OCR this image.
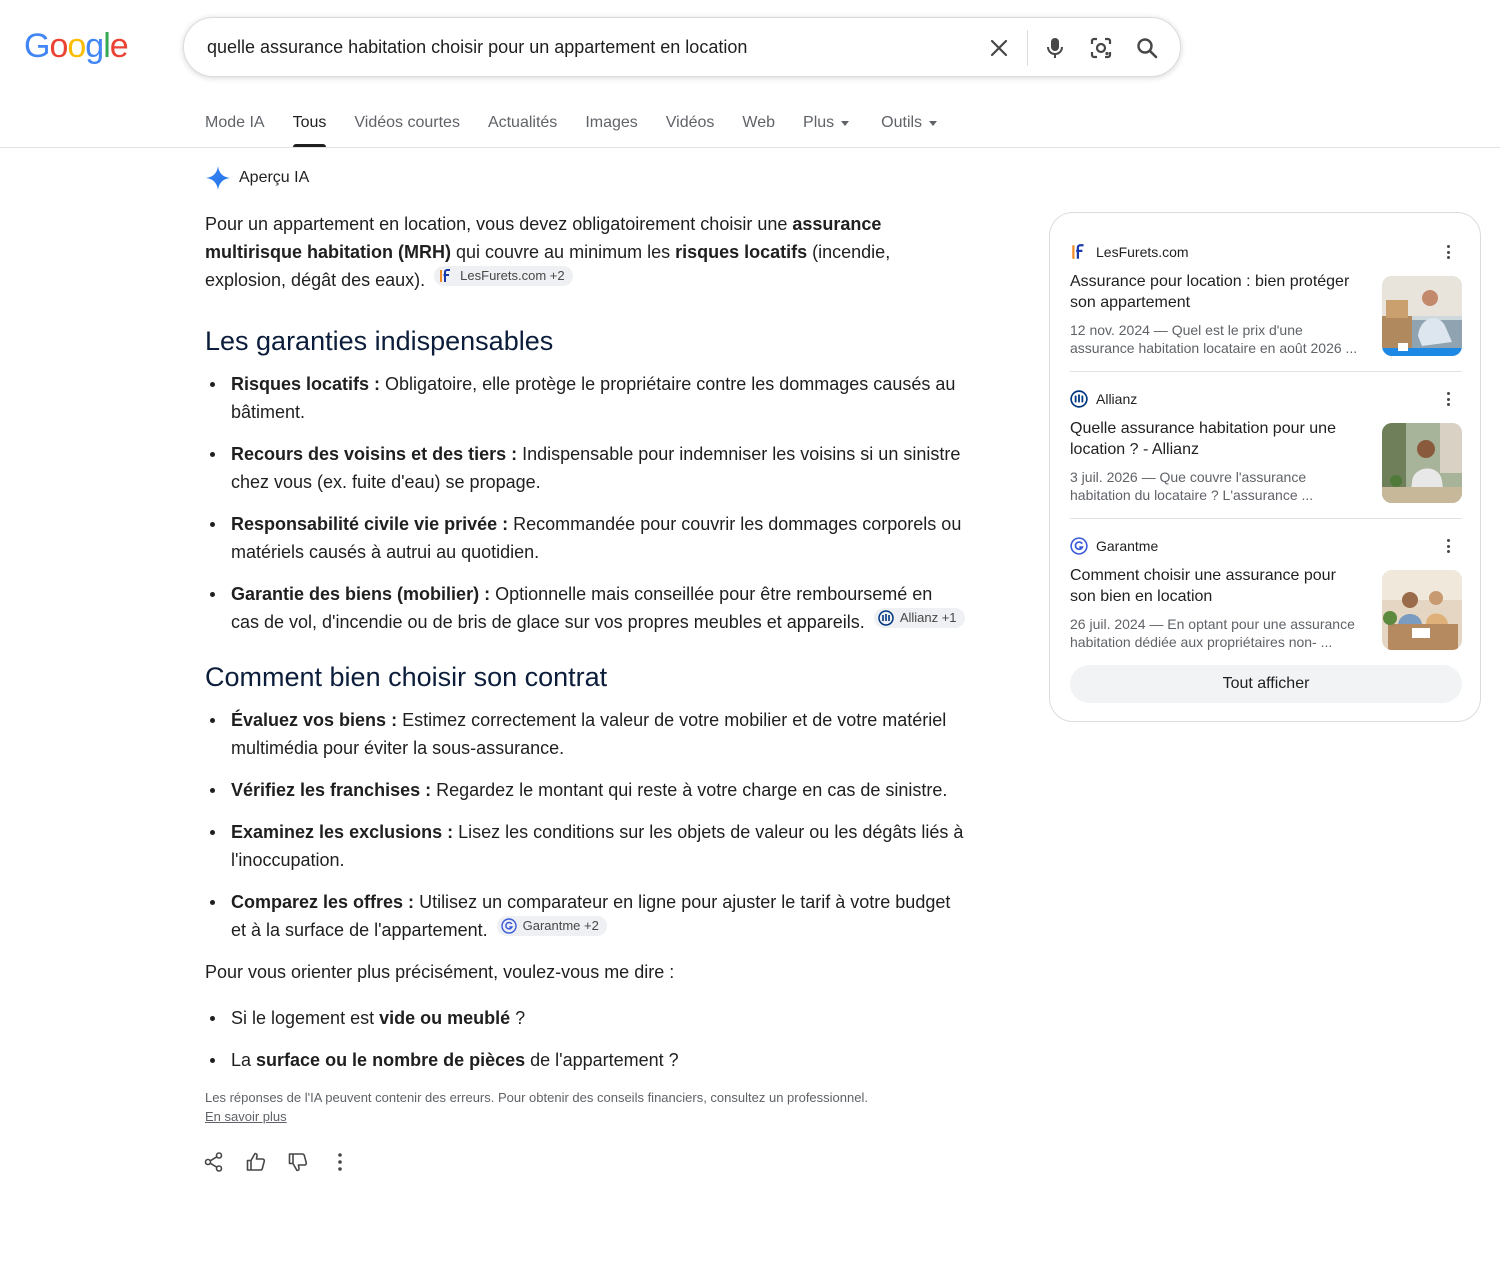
Google	quelle assurance habitation choisir pour un appartement en location
Mode IA Tous Vidéos courtes Actualités Images Vidéos Web Plus	Outils
Aperçu IA

Pour un appartement en location, vous devez obligatoirement choisir une assurance multirisque habitation (MRH) qui couvre au minimum les risques locatifs (incendie, explosion, dégât des eaux).	LesFurets.com +2

Les garanties indispensables
Risques locatifs : Obligatoire, elle protège le propriétaire contre les dommages causés au bâtiment.
Recours des voisins et des tiers : Indispensable pour indemniser les voisins si un sinistre chez vous (ex. fuite d'eau) se propage.
Responsabilité civile vie privée : Recommandée pour couvrir les dommages corporels ou matériels causés à autrui au quotidien.
Garantie des biens (mobilier) : Optionnelle mais conseillée pour être remboursemé en cas de vol, d'incendie ou de bris de glace sur vos propres meubles et appareils.	Allianz +1
Comment bien choisir son contrat
Évaluez vos biens : Estimez correctement la valeur de votre mobilier et de votre matériel multimédia pour éviter la sous-assurance.
Vérifiez les franchises : Regardez le montant qui reste à votre charge en cas de sinistre.
Examinez les exclusions : Lisez les conditions sur les objets de valeur ou les dégâts liés à l'inoccupation.
Comparez les offres : Utilisez un comparateur en ligne pour ajuster le tarif à votre budget et à la surface de l'appartement.	Garantme +2

Pour vous orienter plus précisément, voulez-vous me dire :

Si le logement est vide ou meublé ?
La surface ou le nombre de pièces de l'appartement ?
Les réponses de l'IA peuvent contenir des erreurs. Pour obtenir des conseils financiers, consultez un professionnel.
En savoir plus
LesFurets.com
Assurance pour location : bien protéger son appartement
12 nov. 2024 — Quel est le prix d'une assurance habitation locataire en août 2026 ...
Allianz
Quelle assurance habitation pour une location ? - Allianz
3 juil. 2026 — Que couvre l'assurance habitation du locataire ? L'assurance ...
Garantme
Comment choisir une assurance pour son bien en location
26 juil. 2024 — En optant pour une assurance habitation dédiée aux propriétaires non- ...
Tout afficher
